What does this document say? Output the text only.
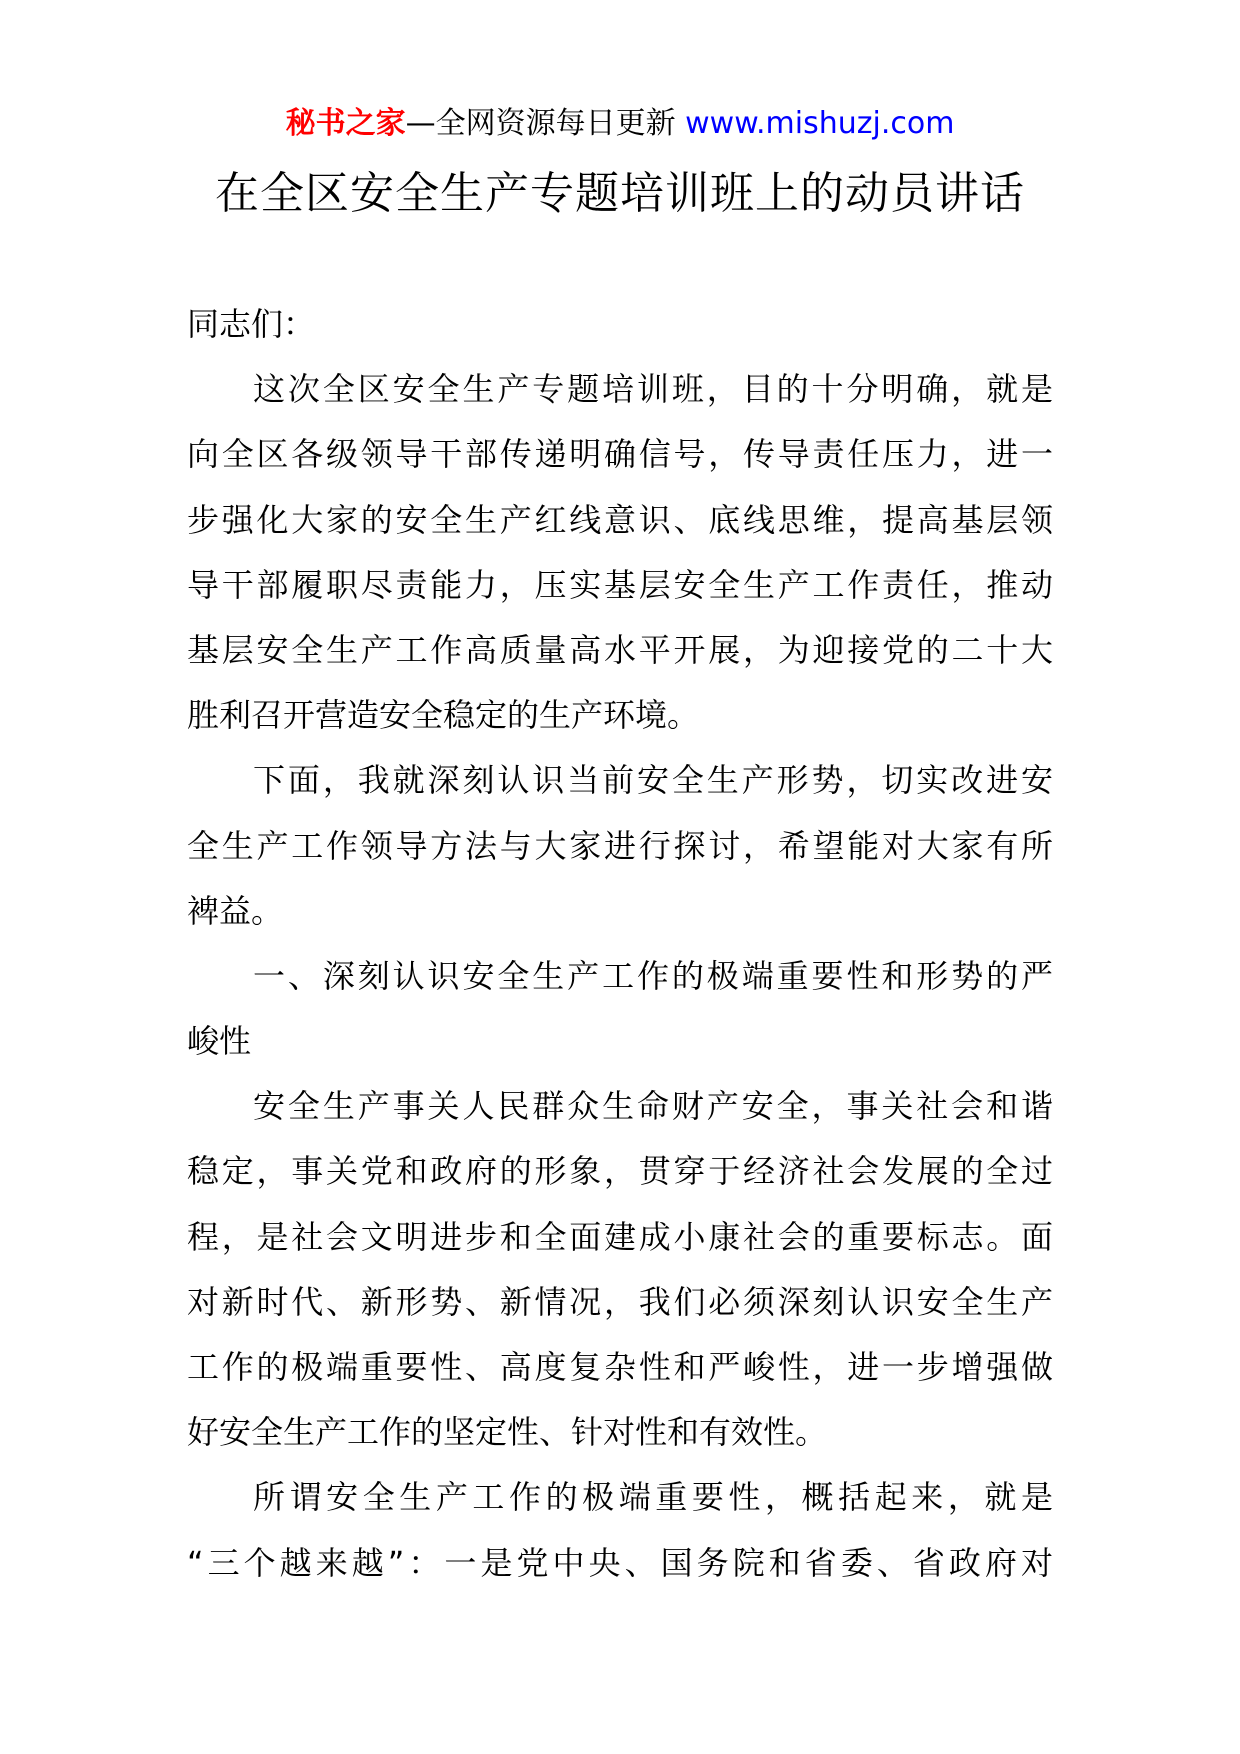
秘书之家—全网资源每日更新 www.mishuzj.com
在全区安全生产专题培训班上的动员讲话
同志们：
这次全区安全生产专题培训班，目的十分明确，就是
向全区各级领导干部传递明确信号，传导责任压力，进一
步强化大家的安全生产红线意识、底线思维，提高基层领
导干部履职尽责能力，压实基层安全生产工作责任，推动
基层安全生产工作高质量高水平开展，为迎接党的二十大
胜利召开营造安全稳定的生产环境。
下面，我就深刻认识当前安全生产形势，切实改进安
全生产工作领导方法与大家进行探讨，希望能对大家有所
裨益。
一、深刻认识安全生产工作的极端重要性和形势的严
峻性
安全生产事关人民群众生命财产安全，事关社会和谐
稳定，事关党和政府的形象，贯穿于经济社会发展的全过
程，是社会文明进步和全面建成小康社会的重要标志。面
对新时代、新形势、新情况，我们必须深刻认识安全生产
工作的极端重要性、高度复杂性和严峻性，进一步增强做
好安全生产工作的坚定性、针对性和有效性。
所谓安全生产工作的极端重要性，概括起来，就是
“三个越来越”：一是党中央、国务院和省委、省政府对
